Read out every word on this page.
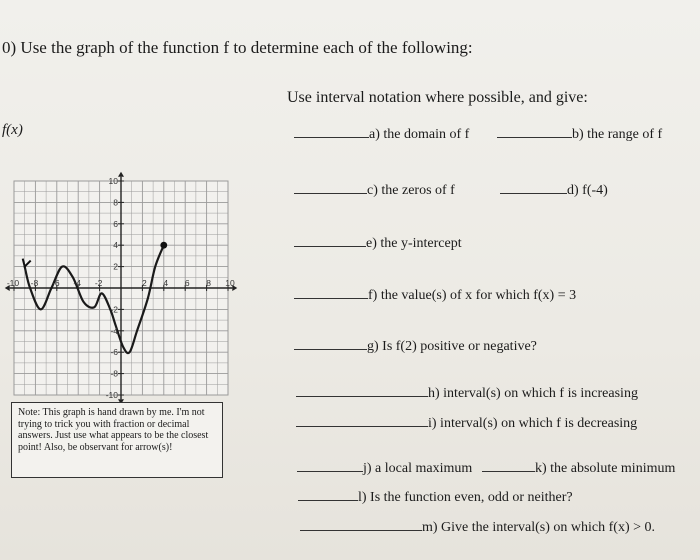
0) Use the graph of the function f to determine each of the following:
Use interval notation where possible, and give:
f(x)
-10 -8 -6 -4 -2	2 4 6 8 10
10
8
6
4
2
-2
-4
-6
-8
-10
Note: This graph is hand drawn by me. I'm not trying to trick you with fraction or decimal answers. Just use what appears to be the closest point! Also, be observant for arrow(s)!
a) the domain of f	b) the range of f
c) the zeros of f	d) f(-4)
e) the y-intercept
f) the value(s) of x for which f(x) = 3
g) Is f(2) positive or negative?
h) interval(s) on which f is increasing
i) interval(s) on which f is decreasing
j) a local maximum	k) the absolute minimum
l) Is the function even, odd or neither?
m) Give the interval(s) on which f(x) > 0.
